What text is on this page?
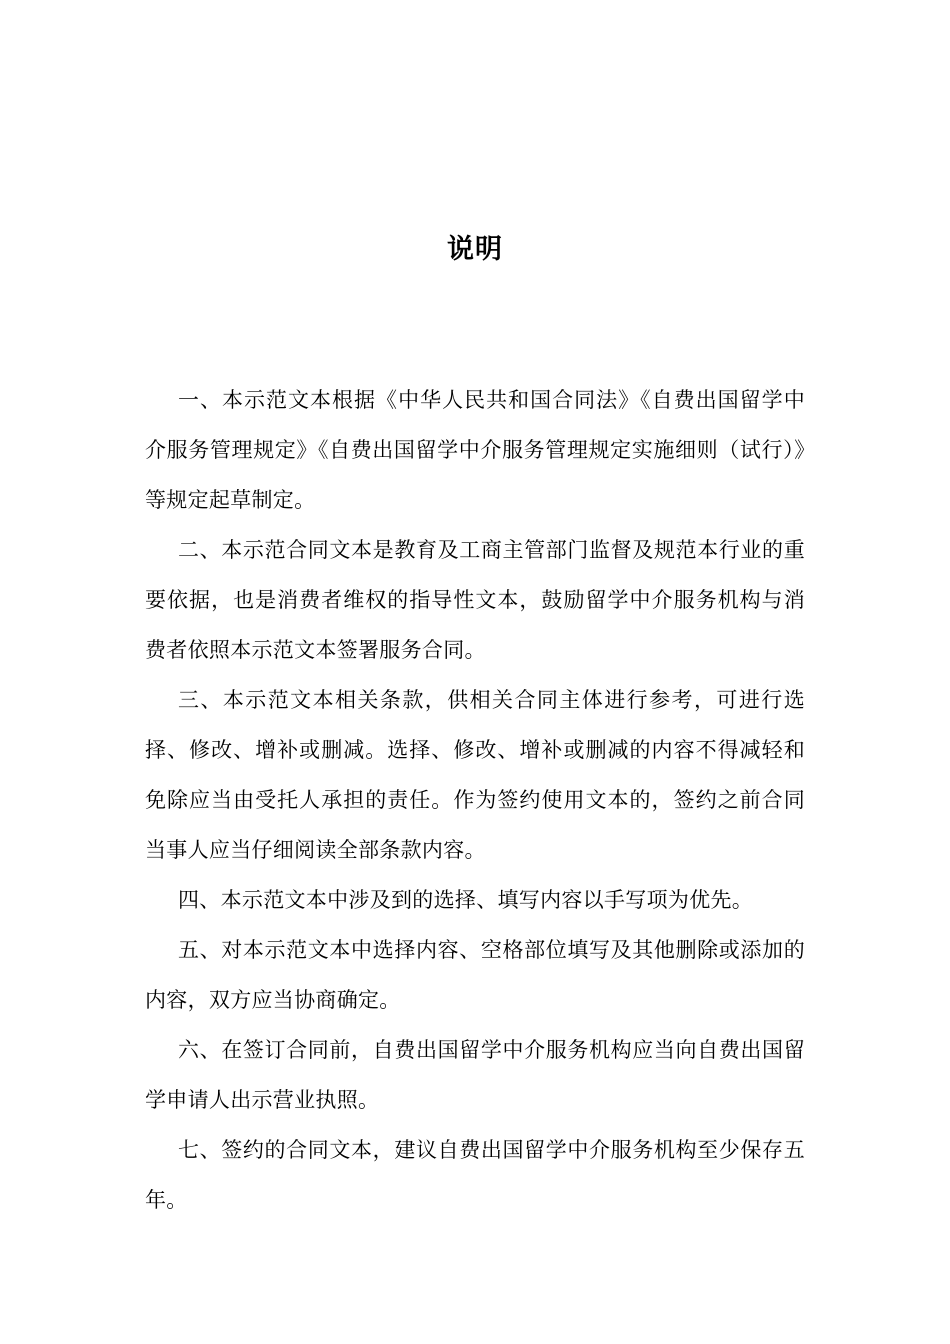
说明

一、本示范文本根据《中华人民共和国合同法》《自费出国留学中介服务管理规定》《自费出国留学中介服务管理规定实施细则（试行）》等规定起草制定。

二、本示范合同文本是教育及工商主管部门监督及规范本行业的重要依据，也是消费者维权的指导性文本，鼓励留学中介服务机构与消费者依照本示范文本签署服务合同。

三、本示范文本相关条款，供相关合同主体进行参考，可进行选择、修改、增补或删减。选择、修改、增补或删减的内容不得减轻和免除应当由受托人承担的责任。作为签约使用文本的，签约之前合同当事人应当仔细阅读全部条款内容。

四、本示范文本中涉及到的选择、填写内容以手写项为优先。

五、对本示范文本中选择内容、空格部位填写及其他删除或添加的内容，双方应当协商确定。

六、在签订合同前，自费出国留学中介服务机构应当向自费出国留学申请人出示营业执照。

七、签约的合同文本，建议自费出国留学中介服务机构至少保存五年。
